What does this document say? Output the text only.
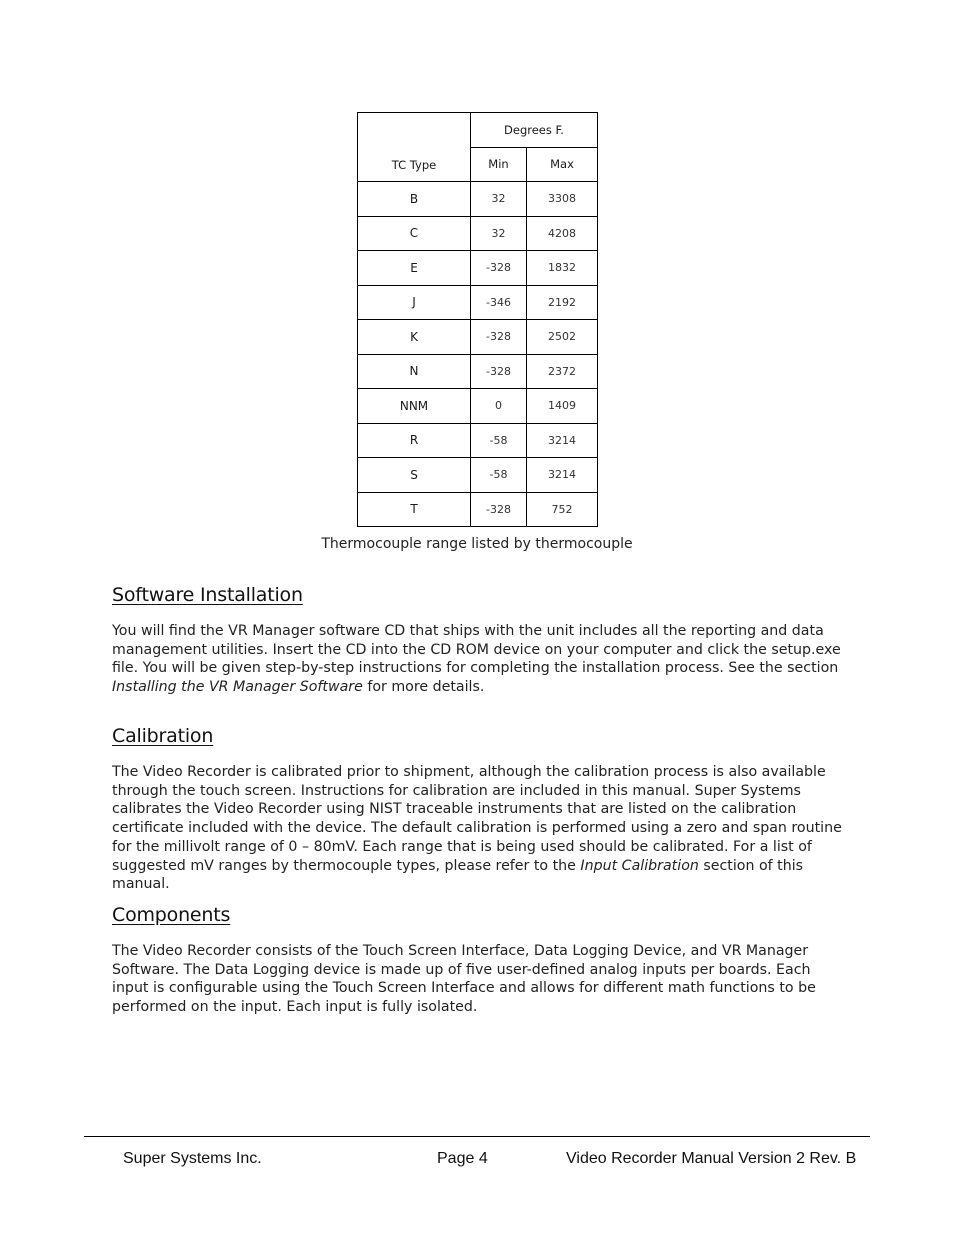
TC Type	Degrees F.	
	Min	Max
B	32	3308
C	32	4208
E	-328	1832
J	-346	2192
K	-328	2502
N	-328	2372
NNM	0	1409
R	-58	3214
S	-58	3214
T	-328	752
Thermocouple range listed by thermocouple
Software Installation

You will find the VR Manager software CD that ships with the unit includes all the reporting and data management utilities. Insert the CD into the CD ROM device on your computer and click the setup.exe file. You will be given step-by-step instructions for completing the installation process. See the section Installing the VR Manager Software for more details.

Calibration

The Video Recorder is calibrated prior to shipment, although the calibration process is also available through the touch screen. Instructions for calibration are included in this manual. Super Systems calibrates the Video Recorder using NIST traceable instruments that are listed on the calibration certificate included with the device. The default calibration is performed using a zero and span routine for the millivolt range of 0 – 80mV. Each range that is being used should be calibrated. For a list of suggested mV ranges by thermocouple types, please refer to the Input Calibration section of this manual.

Components

The Video Recorder consists of the Touch Screen Interface, Data Logging Device, and VR Manager Software. The Data Logging device is made up of five user-defined analog inputs per boards. Each input is configurable using the Touch Screen Interface and allows for different math functions to be performed on the input. Each input is fully isolated.

Super Systems Inc.	Page 4	Video Recorder Manual Version 2 Rev. B
